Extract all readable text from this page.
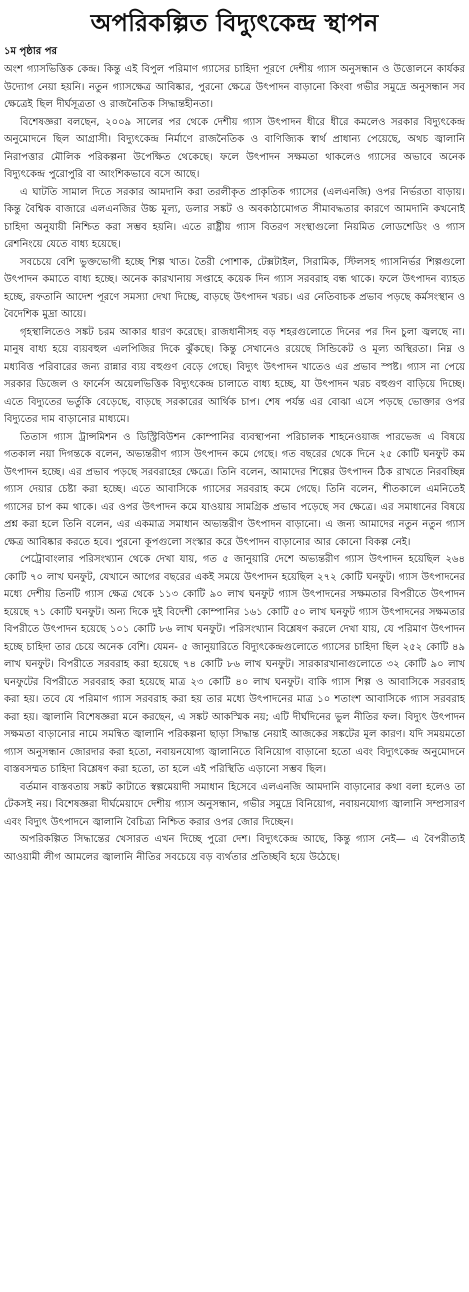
অপরিকল্পিত বিদ্যুৎকেন্দ্র স্থাপন
১ম পৃষ্ঠার পর

অংশ গ্যাসভিত্তিক কেন্দ্র। কিন্তু এই বিপুল পরিমাণ গ্যাসের চাহিদা পূরণে দেশীয় গ্যাস অনুসন্ধান ও উত্তোলনে কার্যকর উদ্যোগ নেয়া হয়নি। নতুন গ্যাসক্ষেত্র আবিষ্কার, পুরনো ক্ষেত্রে উৎপাদন বাড়ানো কিংবা গভীর সমুদ্রে অনুসন্ধান সব ক্ষেত্রেই ছিল দীর্ঘসূত্রতা ও রাজনৈতিক সিদ্ধান্তহীনতা।

বিশেষজ্ঞরা বলছেন, ২০০৯ সালের পর থেকে দেশীয় গ্যাস উৎপাদন ধীরে ধীরে কমলেও সরকার বিদ্যুৎকেন্দ্র অনুমোদনে ছিল আগ্রাসী। বিদ্যুৎকেন্দ্র নির্মাণে রাজনৈতিক ও বাণিজ্যিক স্বার্থ প্রাধান্য পেয়েছে, অথচ জ্বালানি নিরাপত্তার মৌলিক পরিকল্পনা উপেক্ষিত থেকেছে। ফলে উৎপাদন সক্ষমতা থাকলেও গ্যাসের অভাবে অনেক বিদ্যুৎকেন্দ্র পুরোপুরি বা আংশিকভাবে বসে আছে।

এ ঘাটতি সামাল দিতে সরকার আমদানি করা তরলীকৃত প্রাকৃতিক গ্যাসের (এলএনজি) ওপর নির্ভরতা বাড়ায়। কিন্তু বৈশ্বিক বাজারে এলএনজির উচ্চ মূল্য, ডলার সঙ্কট ও অবকাঠামোগত সীমাবদ্ধতার কারণে আমদানি কখনোই চাহিদা অনুযায়ী নিশ্চিত করা সম্ভব হয়নি। এতে রাষ্ট্রীয় গ্যাস বিতরণ সংস্থাগুলো নিয়মিত লোডশেডিং ও গ্যাস রেশনিংয়ে যেতে বাধ্য হয়েছে।

সবচেয়ে বেশি ভুক্তভোগী হচ্ছে শিল্প খাত। তৈরী পোশাক, টেক্সটাইল, সিরামিক, স্টিলসহ গ্যাসনির্ভর শিল্পগুলো উৎপাদন কমাতে বাধ্য হচ্ছে। অনেক কারখানায় সপ্তাহে কয়েক দিন গ্যাস সরবরাহ বন্ধ থাকে। ফলে উৎপাদন ব্যাহত হচ্ছে, রফতানি আদেশ পূরণে সমস্যা দেখা দিচ্ছে, বাড়ছে উৎপাদন খরচ। এর নেতিবাচক প্রভাব পড়ছে কর্মসংস্থান ও বৈদেশিক মুদ্রা আয়ে।

গৃহস্থালিতেও সঙ্কট চরম আকার ধারণ করেছে। রাজধানীসহ বড় শহরগুলোতে দিনের পর দিন চুলা জ্বলছে না। মানুষ বাধ্য হয়ে ব্যয়বহুল এলপিজির দিকে ঝুঁকছে। কিন্তু সেখানেও রয়েছে সিন্ডিকেট ও মূল্য অস্থিরতা। নিম্ন ও মধ্যবিত্ত পরিবারের জন্য রান্নার ব্যয় বহুগুণ বেড়ে গেছে। বিদ্যুৎ উৎপাদন খাতেও এর প্রভাব স্পষ্ট। গ্যাস না পেয়ে সরকার ডিজেল ও ফার্নেস অয়েলভিত্তিক বিদ্যুৎকেন্দ্র চালাতে বাধ্য হচ্ছে, যা উৎপাদন খরচ বহুগুণ বাড়িয়ে দিচ্ছে। এতে বিদ্যুতের ভর্তুকি বেড়েছে, বাড়ছে সরকারের আর্থিক চাপ। শেষ পর্যন্ত এর বোঝা এসে পড়ছে ভোক্তার ওপর বিদ্যুতের দাম বাড়ানোর মাধ্যমে।

তিতাস গ্যাস ট্রান্সমিশন ও ডিস্ট্রিবিউশন কোম্পানির ব্যবস্থাপনা পরিচালক শাহনেওয়াজ পারভেজ এ বিষয়ে গতকাল নয়া দিগন্তকে বলেন, অভ্যন্তরীণ গ্যাস উৎপাদন কমে গেছে। গত বছরের থেকে দিনে ২৫ কোটি ঘনফুট কম উৎপাদন হচ্ছে। এর প্রভাব পড়ছে সরবরাহের ক্ষেত্রে। তিনি বলেন, আমাদের শিল্পের উৎপাদন ঠিক রাখতে নিরবচ্ছিন্ন গ্যাস দেয়ার চেষ্টা করা হচ্ছে। এতে আবাসিকে গ্যাসের সরবরাহ কমে গেছে। তিনি বলেন, শীতকালে এমনিতেই গ্যাসের চাপ কম থাকে। এর ওপর উৎপাদন কমে যাওয়ায় সামগ্রিক প্রভাব পড়েছে সব ক্ষেত্রে। এর সমাধানের বিষয়ে প্রশ্ন করা হলে তিনি বলেন, এর একমাত্র সমাধান অভ্যন্তরীণ উৎপাদন বাড়ানো। এ জন্য আমাদের নতুন নতুন গ্যাস ক্ষেত্র আবিষ্কার করতে হবে। পুরনো কূপগুলো সংস্কার করে উৎপাদন বাড়ানোর আর কোনো বিকল্প নেই।

পেট্রোবাংলার পরিসংখ্যান থেকে দেখা যায়, গত ৫ জানুয়ারি দেশে অভ্যন্তরীণ গ্যাস উৎপাদন হয়েছিল ২৬৪ কোটি ৭০ লাখ ঘনফুট, যেখানে আগের বছরের একই সময়ে উৎপাদন হয়েছিল ২৭২ কোটি ঘনফুট। গ্যাস উৎপাদনের মধ্যে দেশীয় তিনটি গ্যাস ক্ষেত্র থেকে ১১৩ কোটি ৯০ লাখ ঘনফুট গ্যাস উৎপাদনের সক্ষমতার বিপরীতে উৎপাদন হয়েছে ৭১ কোটি ঘনফুট। অন্য দিকে দুই বিদেশী কোম্পানির ১৬১ কোটি ৫০ লাখ ঘনফুট গ্যাস উৎপাদনের সক্ষমতার বিপরীতে উৎপাদন হয়েছে ১০১ কোটি ৮৬ লাখ ঘনফুট। পরিসংখ্যান বিশ্লেষণ করলে দেখা যায়, যে পরিমাণ উৎপাদন হচ্ছে চাহিদা তার চেয়ে অনেক বেশি। যেমন- ৫ জানুয়ারিতে বিদ্যুৎকেন্দ্রগুলোতে গ্যাসের চাহিদা ছিল ২৫২ কোটি ৪৯ লাখ ঘনফুট। বিপরীতে সরবরাহ করা হয়েছে ৭৪ কোটি ৮৬ লাখ ঘনফুট। সারকারখানাগুলোতে ৩২ কোটি ৯০ লাখ ঘনফুটের বিপরীতে সরবরাহ করা হয়েছে মাত্র ২৩ কোটি ৪০ লাখ ঘনফুট। বাকি গ্যাস শিল্প ও আবাসিকে সরবরাহ করা হয়। তবে যে পরিমাণ গ্যাস সরবরাহ করা হয় তার মধ্যে উৎপাদনের মাত্র ১০ শতাংশ আবাসিকে গ্যাস সরবরাহ করা হয়। জ্বালানি বিশেষজ্ঞরা মনে করছেন, এ সঙ্কট আকস্মিক নয়; এটি দীর্ঘদিনের ভুল নীতির ফল। বিদ্যুৎ উৎপাদন সক্ষমতা বাড়ানোর নামে সমন্বিত জ্বালানি পরিকল্পনা ছাড়া সিদ্ধান্ত নেয়াই আজকের সঙ্কটের মূল কারণ। যদি সময়মতো গ্যাস অনুসন্ধান জোরদার করা হতো, নবায়নযোগ্য জ্বালানিতে বিনিয়োগ বাড়ানো হতো এবং বিদ্যুৎকেন্দ্র অনুমোদনে বাস্তবসম্মত চাহিদা বিশ্লেষণ করা হতো, তা হলে এই পরিস্থিতি এড়ানো সম্ভব ছিল।

বর্তমান বাস্তবতায় সঙ্কট কাটাতে স্বল্পমেয়াদী সমাধান হিসেবে এলএনজি আমদানি বাড়ানোর কথা বলা হলেও তা টেকসই নয়। বিশেষজ্ঞরা দীর্ঘমেয়াদে দেশীয় গ্যাস অনুসন্ধান, গভীর সমুদ্রে বিনিয়োগ, নবায়নযোগ্য জ্বালানি সম্প্রসারণ এবং বিদ্যুৎ উৎপাদনে জ্বালানি বৈচিত্র্য নিশ্চিত করার ওপর জোর দিচ্ছেন।

অপরিকল্পিত সিদ্ধান্তের খেসারত এখন দিচ্ছে পুরো দেশ। বিদ্যুৎকেন্দ্র আছে, কিন্তু গ্যাস নেই— এ বৈপরীত্যই আওয়ামী লীগ আমলের জ্বালানি নীতির সবচেয়ে বড় ব্যর্থতার প্রতিচ্ছবি হয়ে উঠেছে।
